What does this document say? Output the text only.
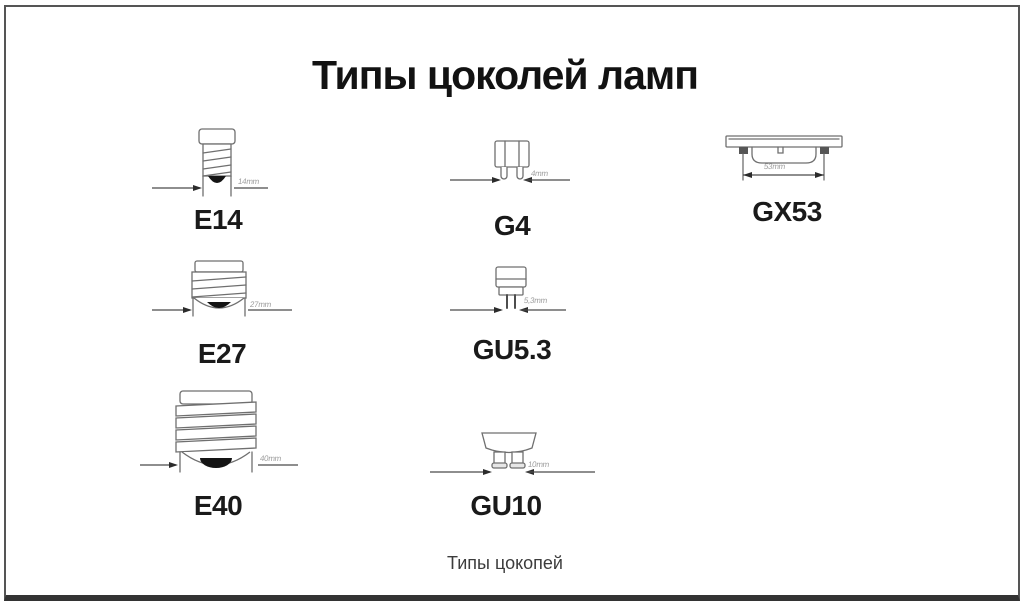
Типы цоколей ламп
14mm
E14
27mm
E27
40mm
E40
4mm
G4
5,3mm
GU5.3
10mm
GU10
53mm
GX53
Типы цокопей
